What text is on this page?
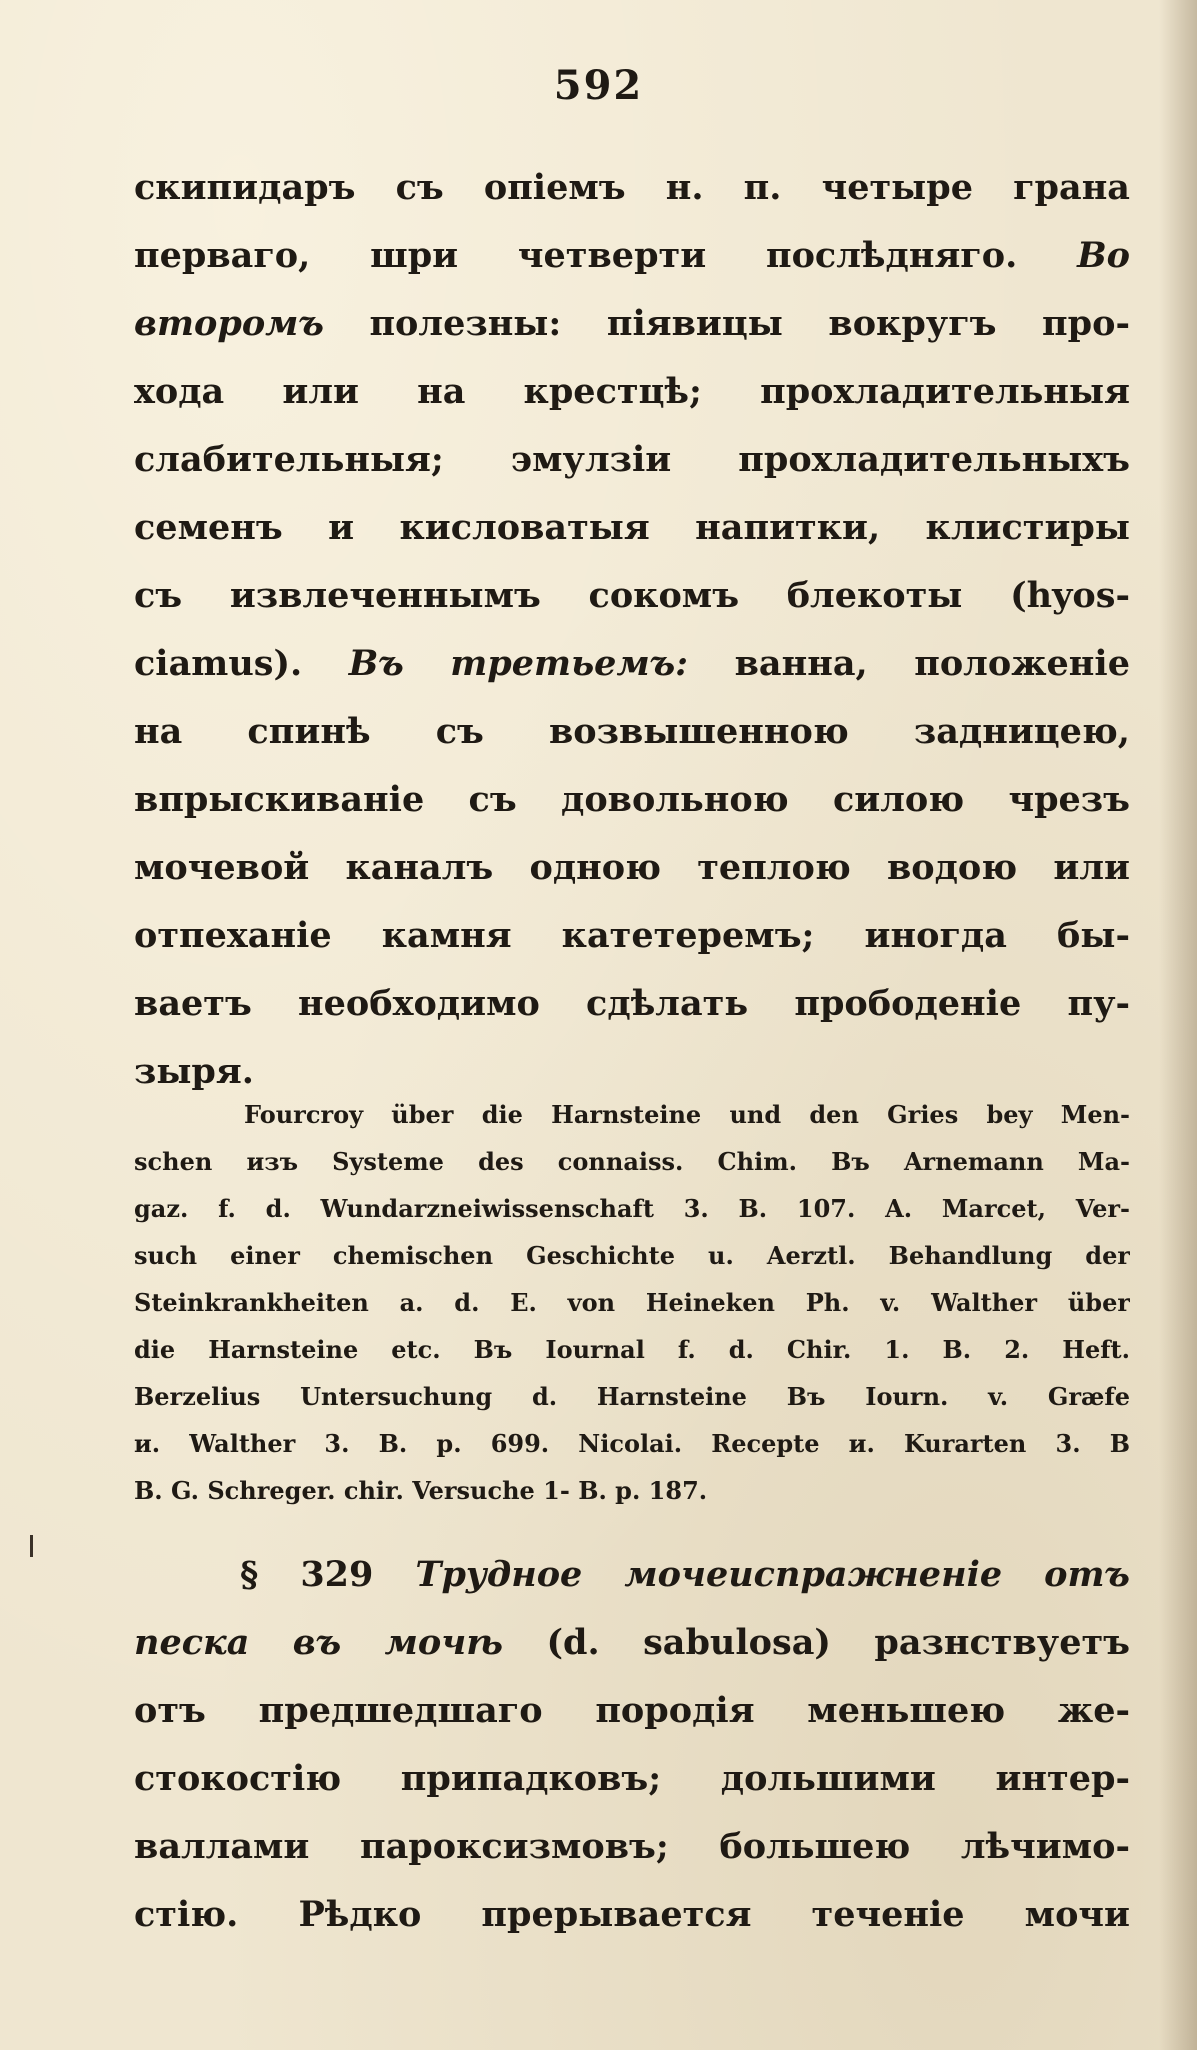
592
скипидаръ съ опіемъ н. п. четыре грана
перваго, шри четверти послѣдняго. Во
второмъ полезны: піявицы вокругъ про-
хода или на крестцѣ; прохладительныя
слабительныя; эмулзіи прохладительныхъ
семенъ и кисловатыя напитки, клистиры
съ извлеченнымъ сокомъ блекоты (hyos-
ciamus). Въ третьемъ: ванна, положеніе
на спинѣ съ возвышенною задницею,
впрыскиваніе съ довольною силою чрезъ
мочевой каналъ одною теплою водою или
отпеханіе камня катетеремъ; иногда бы-
ваетъ необходимо сдѣлать прободеніе пу-
зыря.
Fourcroy über die Harnsteine und den Gries bey Men-
schen изъ Systeme des connaiss. Chim. Въ Arnemann Ma-
gaz. f. d. Wundarzneiwissenschaft 3. B. 107. A. Marcet, Ver-
such einer chemischen Geschichte u. Aerztl. Behandlung der
Steinkrankheiten a. d. E. von Heineken Ph. v. Walther über
die Harnsteine etc. Въ Iournal f. d. Chir. 1. B. 2. Heft.
Berzelius Untersuchung d. Harnsteine Въ Iourn. v. Græfe
и. Walther 3. B. p. 699. Nicolai. Recepte и. Kurarten 3. B
B. G. Schreger. chir. Versuche 1- B. p. 187.
§ 329 Трудное мочеиспражненіе отъ
песка въ мочѣ (d. sabulosa) разнствуетъ
отъ предшедшаго породія меньшею же-
стокостію припадковъ; дольшими интер-
валлами пароксизмовъ; большею лѣчимо-
стію. Рѣдко прерывается теченіе мочи
